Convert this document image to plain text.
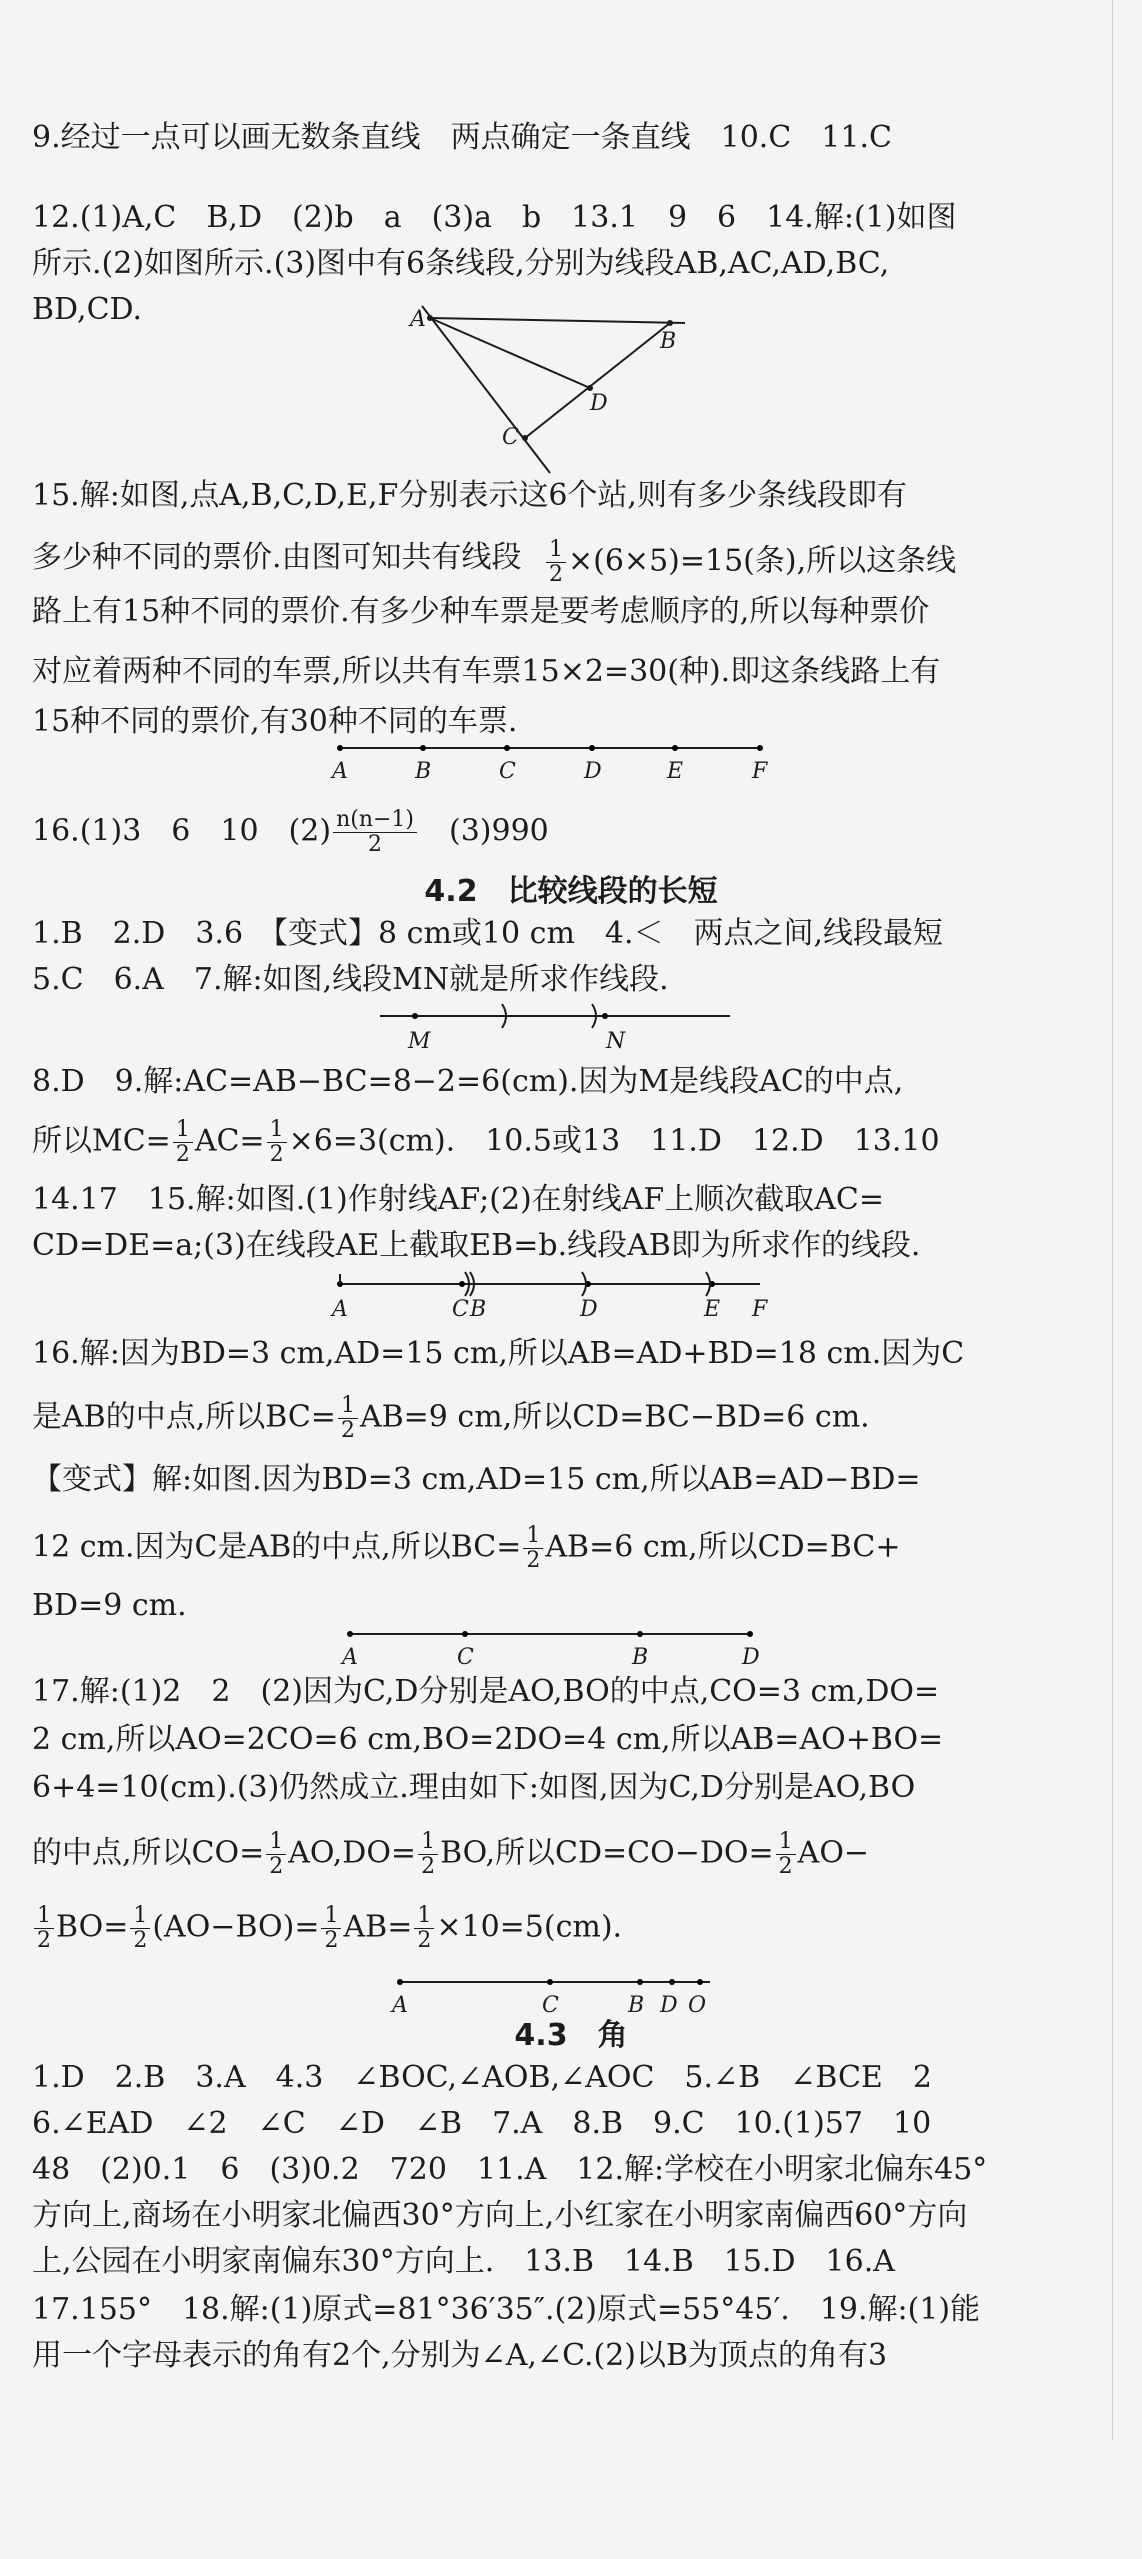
9.经过一点可以画无数条直线　两点确定一条直线　10.C　11.C
12.(1)A,C　B,D　(2)b　a　(3)a　b　13.1　9　6　14.解:(1)如图
所示.(2)如图所示.(3)图中有6条线段,分别为线段AB,AC,AD,BC,
BD,CD.	A
B
C
D
15.解:如图,点A,B,C,D,E,F分别表示这6个站,则有多少条线段即有
多少种不同的票价.由图可知共有线段 $\frac{1}{2} \times(6\times 5)=15$(条),所以这条线
路上有15种不同的票价.有多少种车票是要考虑顺序的,所以每种票价
对应着两种不同的车票,所以共有车票15×2=30(种).即这条线路上有
15种不同的票价,有30种不同的车票.
A	B	C	D	E	F
16.(1)3　6　10　$(2) \frac{n(n-1)}{2}$
　 (3)990
4.2　比较线段的长短
1.B　2.D　3.6　【变式】8 cm或10 cm　4.＜　两点之间,线段最短
5.C　6.A　7.解:如图,线段MN就是所求作线段.
M	N
8.D　9.解:AC=AB−BC=8−2=6(cm).因为M是线段AC的中点,
所以$MC= \frac{1}{2} AC= \frac{1}{2} \times 6=3(cm)$.　10.5或13　11.D　12.D　13.10
14.17　15.解:如图.(1)作射线AF;(2)在射线AF上顺次截取AC=
CD=DE=a;(3)在线段AE上截取EB=b.线段AB即为所求作的线段.
A	C B	D	E F
16.解:因为BD=3 cm,AD=15 cm,所以AB=AD+BD=18 cm.因为C
是AB的中点,所以$BC= \frac{1}{2} AB=9$ cm,所以CD=BC−BD=6 cm.
【变式】解:如图.因为BD=3 cm,AD=15 cm,所以AB=AD−BD=
12 cm.因为C是AB的中点,所以$BC= \frac{1}{2} AB=6$ cm,所以CD=BC+
BD=9 cm.
A	C	B	D
17.解:(1)2　2　(2)因为C,D分别是AO,BO的中点,CO=3 cm,DO=
2 cm,所以AO=2CO=6 cm,BO=2DO=4 cm,所以AB=AO+BO=
6+4=10(cm).(3)仍然成立.理由如下:如图,因为C,D分别是AO,BO
的中点,所以$CO= \frac{1}{2} AO,DO= \frac{1}{2}$ BO,所以$CD=CO-DO= \frac{1}{2} AO-$
$\frac{1}{2} BO= \frac{1}{2} (AO-BO)= \frac{1}{2} AB= \frac{1}{2} \times 10=5(cm)$.
A	C	B D O
4.3　角
1.D　2.B　3.A　4.3　∠BOC,∠AOB,∠AOC　5.∠B　∠BCE　2
6.∠EAD　∠2　∠C　∠D　∠B　7.A　8.B　9.C　10.(1)57　10
48　(2)0.1　6　(3)0.2　720　11.A　12.解:学校在小明家北偏东45°
方向上,商场在小明家北偏西30°方向上,小红家在小明家南偏西60°方向
上,公园在小明家南偏东30°方向上.　13.B　14.B　15.D　16.A
17.155°　18.解:(1)原式=81°36′35″.(2)原式=55°45′.　19.解:(1)能
用一个字母表示的角有2个,分别为∠A,∠C.(2)以B为顶点的角有3
